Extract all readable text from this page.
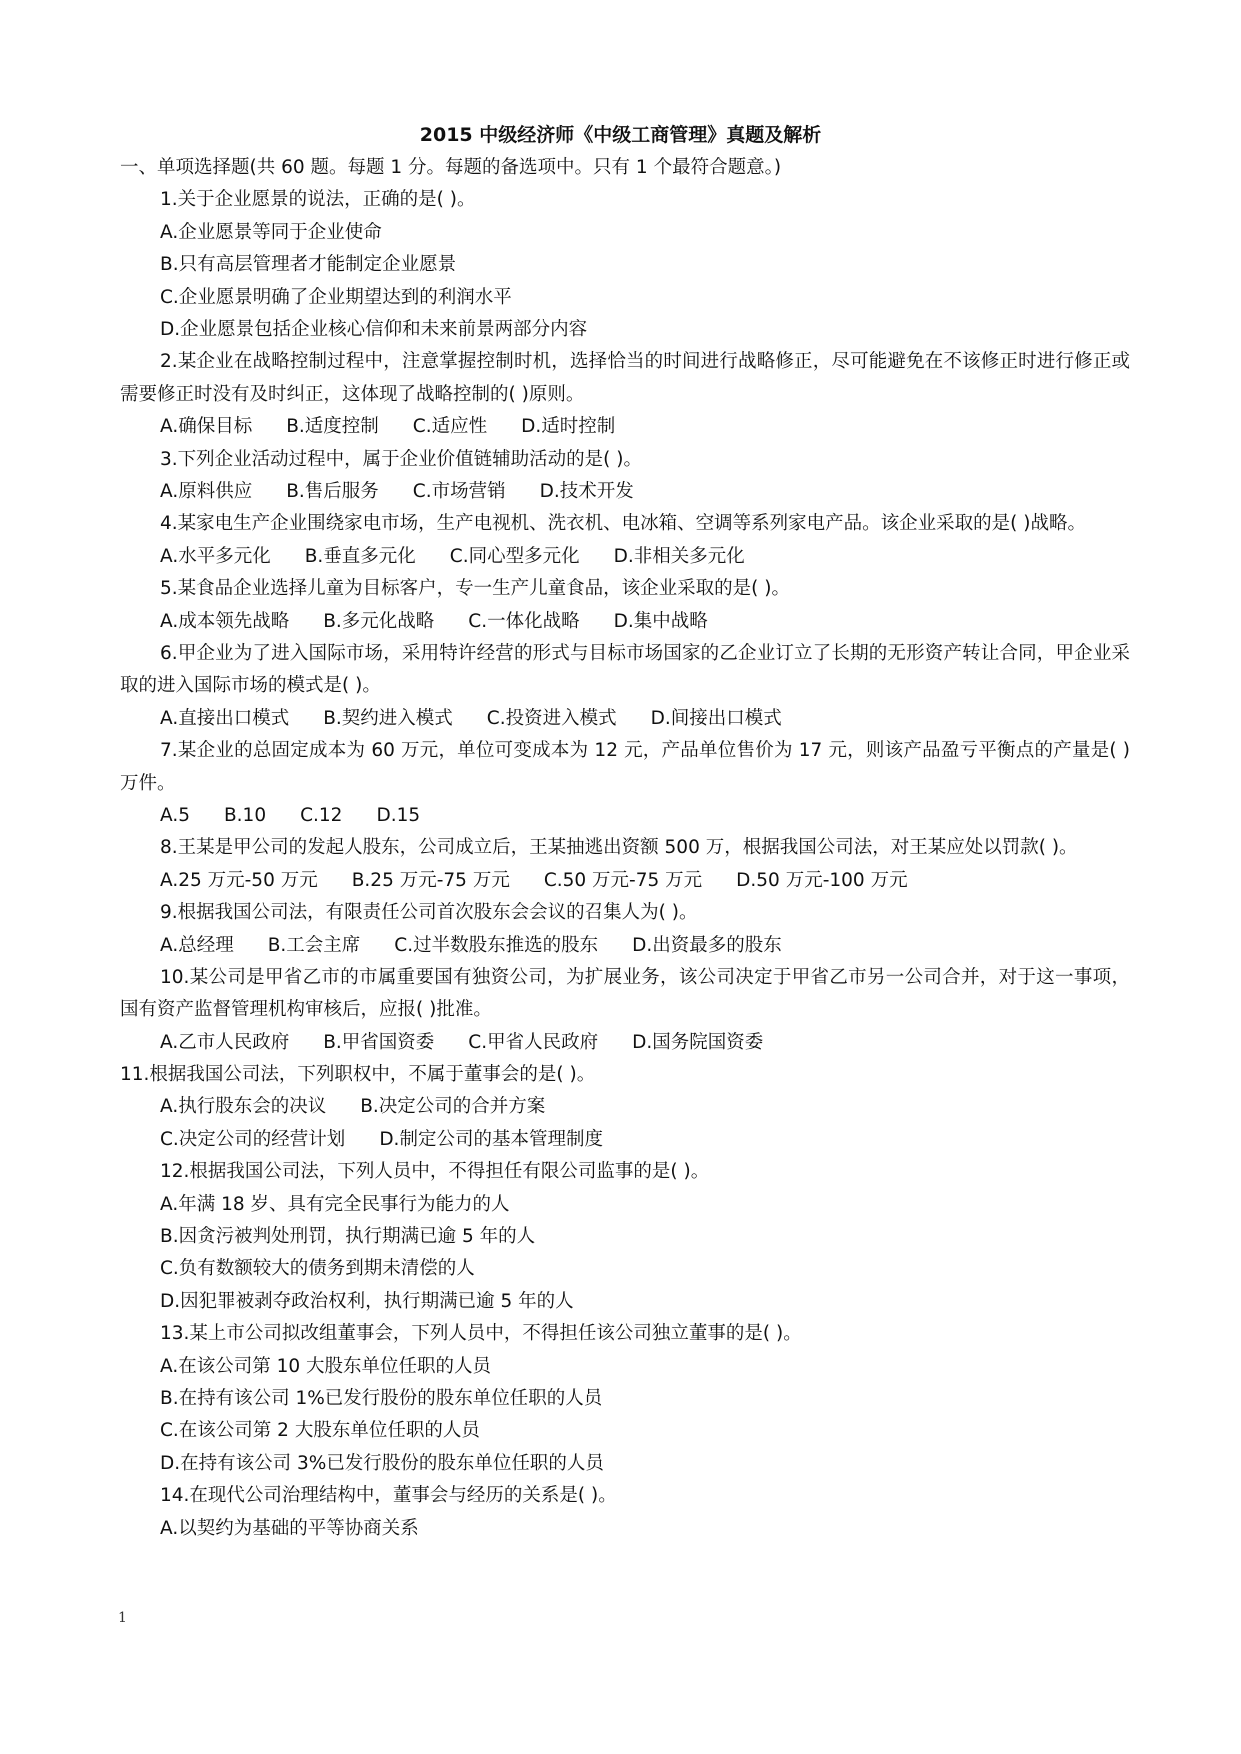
2015 中级经济师《中级工商管理》真题及解析
一、单项选择题(共 60 题。每题 1 分。每题的备选项中。只有 1 个最符合题意。)
1.关于企业愿景的说法，正确的是( )。
A.企业愿景等同于企业使命
B.只有高层管理者才能制定企业愿景
C.企业愿景明确了企业期望达到的利润水平
D.企业愿景包括企业核心信仰和未来前景两部分内容
2.某企业在战略控制过程中，注意掌握控制时机，选择恰当的时间进行战略修正，尽可能避免在不该修正时进行修正或需要修正时没有及时纠正，这体现了战略控制的( )原则。
A.确保目标 B.适度控制 C.适应性 D.适时控制
3.下列企业活动过程中，属于企业价值链辅助活动的是( )。
A.原料供应 B.售后服务 C.市场营销 D.技术开发
4.某家电生产企业围绕家电市场，生产电视机、洗衣机、电冰箱、空调等系列家电产品。该企业采取的是( )战略。
A.水平多元化 B.垂直多元化 C.同心型多元化 D.非相关多元化
5.某食品企业选择儿童为目标客户，专一生产儿童食品，该企业采取的是( )。
A.成本领先战略 B.多元化战略 C.一体化战略 D.集中战略
6.甲企业为了进入国际市场，采用特许经营的形式与目标市场国家的乙企业订立了长期的无形资产转让合同，甲企业采取的进入国际市场的模式是( )。
A.直接出口模式 B.契约进入模式 C.投资进入模式 D.间接出口模式
7.某企业的总固定成本为 60 万元，单位可变成本为 12 元，产品单位售价为 17 元，则该产品盈亏平衡点的产量是( )万件。
A.5 B.10 C.12 D.15
8.王某是甲公司的发起人股东，公司成立后，王某抽逃出资额 500 万，根据我国公司法，对王某应处以罚款( )。
A.25 万元-50 万元 B.25 万元-75 万元 C.50 万元-75 万元 D.50 万元-100 万元
9.根据我国公司法，有限责任公司首次股东会会议的召集人为( )。
A.总经理 B.工会主席 C.过半数股东推选的股东 D.出资最多的股东
10.某公司是甲省乙市的市属重要国有独资公司，为扩展业务，该公司决定于甲省乙市另一公司合并，对于这一事项，国有资产监督管理机构审核后，应报( )批准。
A.乙市人民政府 B.甲省国资委 C.甲省人民政府 D.国务院国资委
11.根据我国公司法，下列职权中，不属于董事会的是( )。
A.执行股东会的决议 B.决定公司的合并方案
C.决定公司的经营计划 D.制定公司的基本管理制度
12.根据我国公司法，下列人员中，不得担任有限公司监事的是( )。
A.年满 18 岁、具有完全民事行为能力的人
B.因贪污被判处刑罚，执行期满已逾 5 年的人
C.负有数额较大的债务到期未清偿的人
D.因犯罪被剥夺政治权利，执行期满已逾 5 年的人
13.某上市公司拟改组董事会，下列人员中，不得担任该公司独立董事的是( )。
A.在该公司第 10 大股东单位任职的人员
B.在持有该公司 1%已发行股份的股东单位任职的人员
C.在该公司第 2 大股东单位任职的人员
D.在持有该公司 3%已发行股份的股东单位任职的人员
14.在现代公司治理结构中，董事会与经历的关系是( )。
A.以契约为基础的平等协商关系
1
